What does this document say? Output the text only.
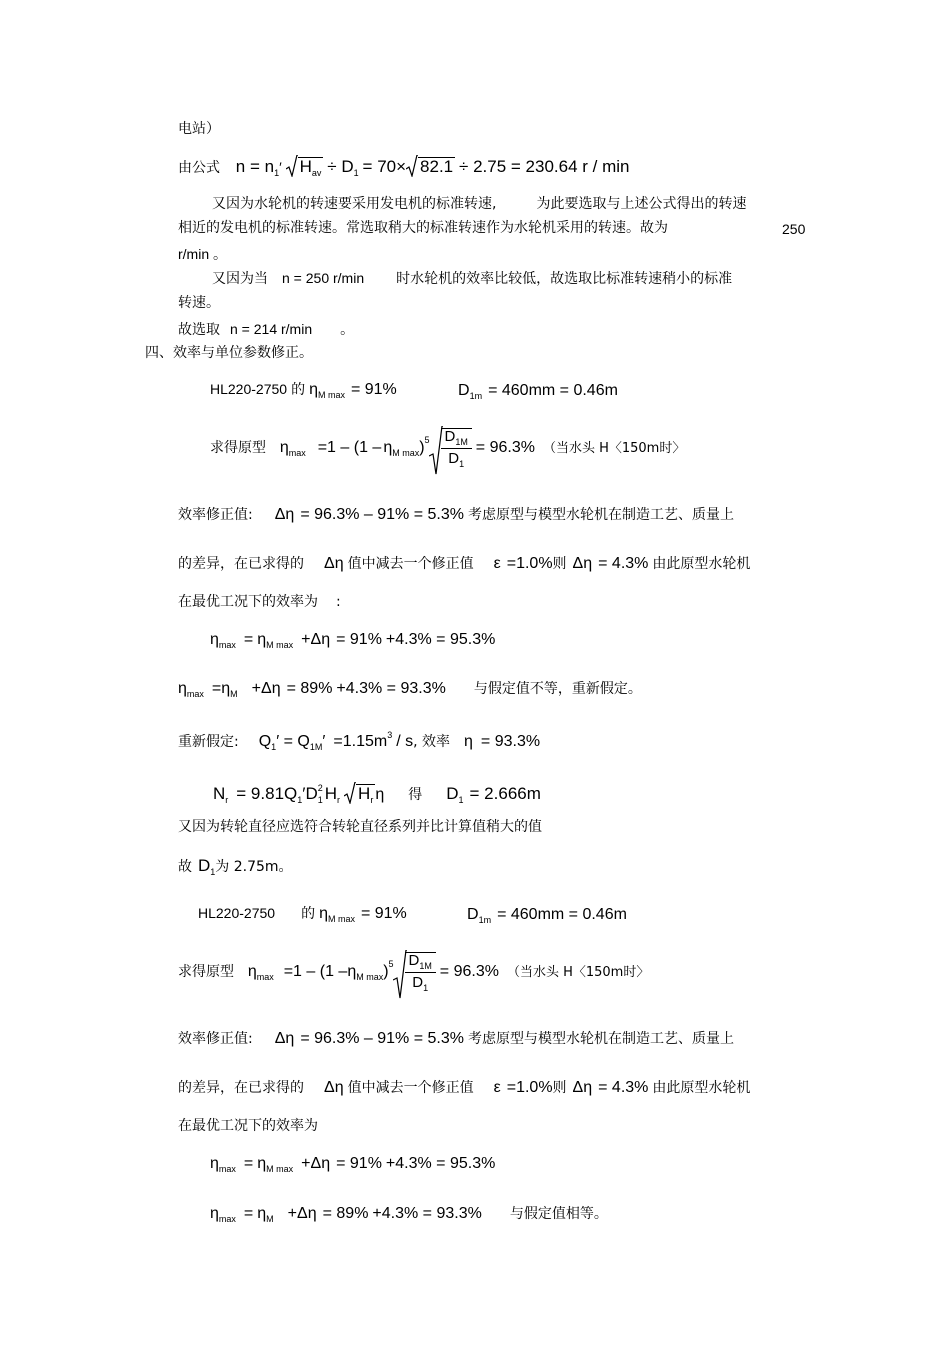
电站）
由公式 $n = n_1'$ $H_{av} \div D_1 = 70\times 82.1 \div 2.75 = 230.64$ r / min
又因为水轮机的转速要采用发电机的标准转速,	为此要选取与上述公式得出的转速
相近的发电机的标准转速。常选取稍大的标准转速作为水轮机采用的转速。故为	250
r/min 。
又因为当 n = 250 r/min 时水轮机的效率比较低，故选取比标准转速稍小的标准
转速。
故选取 n = 214 r/min 。
四、效率与单位参数修正。
HL220-2750 的 $\eta_{M max} = 91\%$	$D_{1m} = 460mm = 0.46m$
求得原型 $\eta_{max} =1 - (1 - \eta_{M max})$ $5 \frac{D_{1M}}{D_1} = 96.3\%$ （当水头 H〈150m时〉
效率修正值: Δη = 96.3% – 91% = 5.3% 考虑原型与模型水轮机在制造工艺、质量上
的差异，在已求得的 Δη 值中减去一个修正值 ε =1.0%则 Δη = 4.3% 由此原型水轮机
在最优工况下的效率为 :
$\eta_{max} = \eta_{M max} +\Delta\eta = 91\% +4.3\% = 95.3\%$
$\eta_{max} =\eta_M +\Delta\eta = 89\% +4.3\% = 93.3\%$ 与假定值不等，重新假定。
重新假定: $Q_1' = Q_{1M}' =1.15m^3 / s$, 效率 η = 93.3%
$N_r = 9.81Q_1'D_1^2$ $H_r$ $H_r$ η 得 $D_1 = 2.666m$
又因为转轮直径应选符合转轮直径系列并比计算值稍大的值
故 $D_1$为 2.75m。
HL220-2750 的 $\eta_{M max} = 91\%$	$D_{1m} = 460mm = 0.46m$
求得原型 $\eta_{max} =1 - (1$ $-\eta_{M max}$) $5 \frac{D_{1M}}{D_1} = 96.3\%$ （当水头 H〈150m时〉
效率修正值: Δη = 96.3% – 91% = 5.3% 考虑原型与模型水轮机在制造工艺、质量上
的差异，在已求得的 Δη 值中减去一个修正值 ε =1.0%则 Δη = 4.3% 由此原型水轮机
在最优工况下的效率为
$\eta_{max} = \eta_{M max} +\Delta\eta = 91\% +4.3\% = 95.3\%$
$\eta_{max} = \eta_M +\Delta\eta = 89\% +4.3\% = 93.3\%$ 与假定值相等。
